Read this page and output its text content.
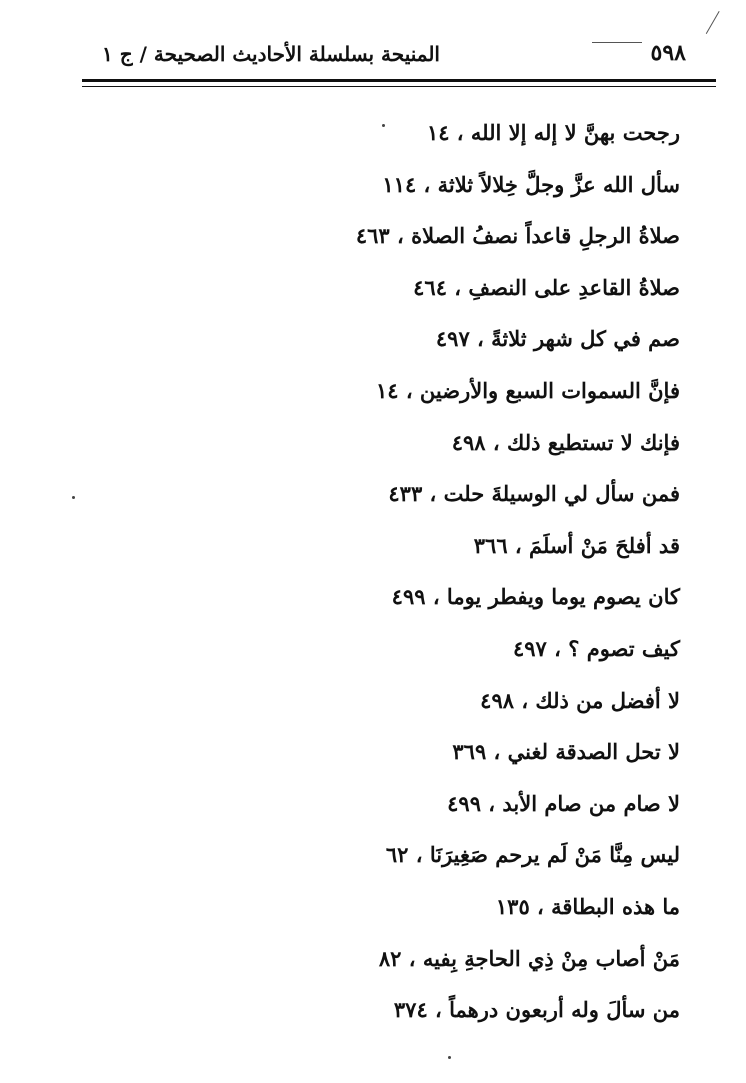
٥٩٨
المنيحة بسلسلة الأحاديث الصحيحة / ج ١
رجحت بهنَّ لا إله إلا الله ، ١٤
سأل الله عزَّ وجلَّ خِلالاً ثلاثة ، ١١٤
صلاةُ الرجلِ قاعداً نصفُ الصلاة ، ٤٦٣
صلاةُ القاعدِ على النصفِ ، ٤٦٤
صم في كل شهر ثلاثةً ، ٤٩٧
فإنَّ السموات السبع والأرضين ، ١٤
فإنك لا تستطيع ذلك ، ٤٩٨
فمن سأل لي الوسيلةَ حلت ، ٤٣٣
قد أفلحَ مَنْ أسلَمَ ، ٣٦٦
كان يصوم يوما ويفطر يوما ، ٤٩٩
كيف تصوم ؟ ، ٤٩٧
لا أفضل من ذلك ، ٤٩٨
لا تحل الصدقة لغني ، ٣٦٩
لا صام من صام الأبد ، ٤٩٩
ليس مِنَّا مَنْ لَم يرحم صَغِيرَنَا ، ٦٢
ما هذه البطاقة ، ١٣٥
مَنْ أصاب مِنْ ذِي الحاجةِ بِفيه ، ٨٢
من سألَ وله أربعون درهماً ، ٣٧٤
